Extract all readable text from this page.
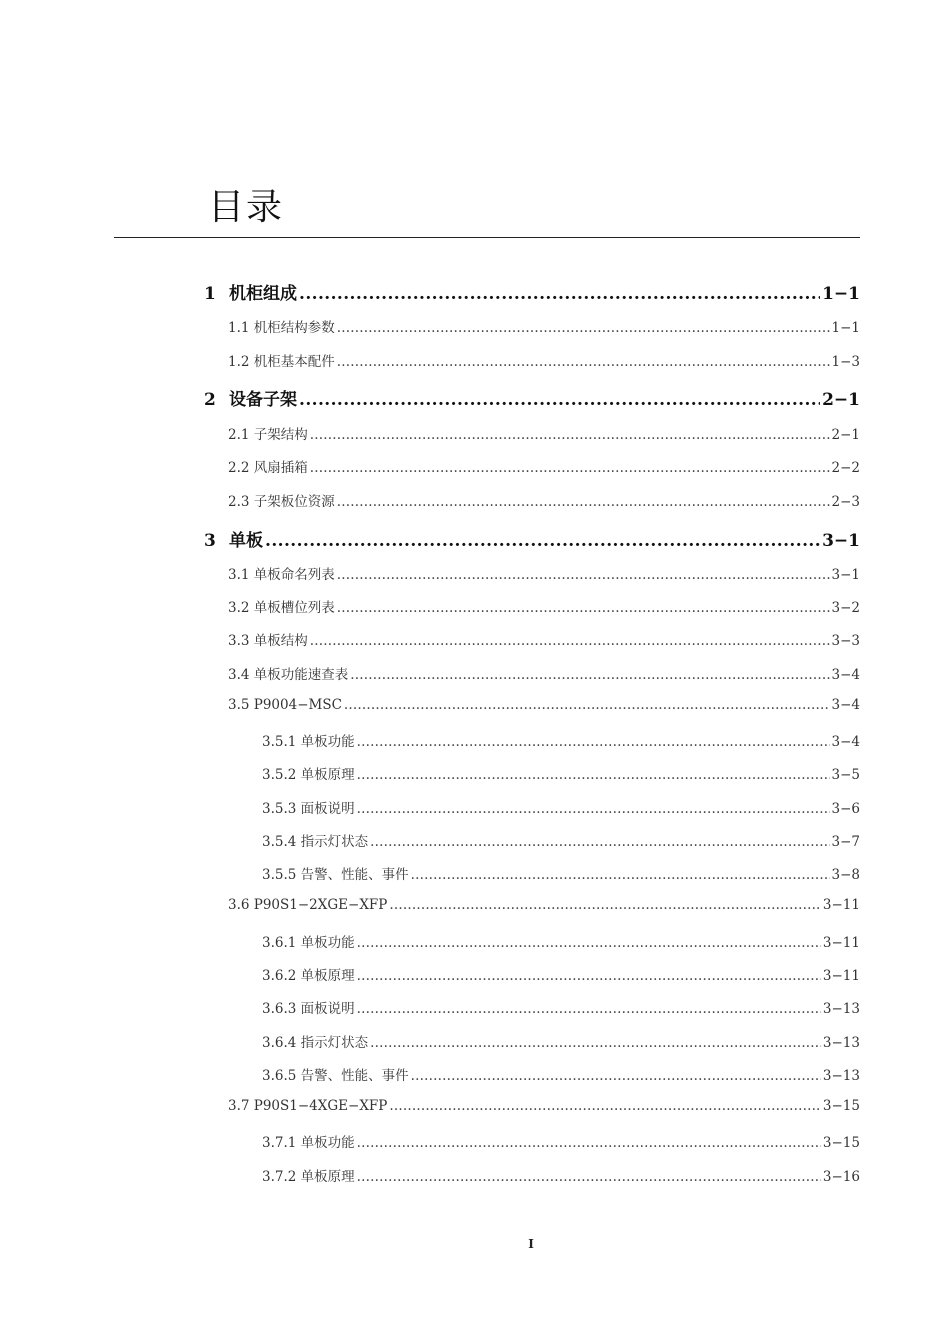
目录
1 机柜组成 .....	1−1
1.1 机柜结构参数 .....	1−1
1.2 机柜基本配件 .....	1−3
2 设备子架 .....	2−1
2.1 子架结构 .....	2−1
2.2 风扇插箱 .....	2−2
2.3 子架板位资源 .....	2−3
3 单板 .....	3−1
3.1 单板命名列表 .....	3−1
3.2 单板槽位列表 .....	3−2
3.3 单板结构 .....	3−3
3.4 单板功能速查表 .....	3−4
3.5 P9004−MSC .....	3−4
3.5.1 单板功能 .....	3−4
3.5.2 单板原理 .....	3−5
3.5.3 面板说明 .....	3−6
3.5.4 指示灯状态 .....	3−7
3.5.5 告警、性能、事件 .....	3−8
3.6 P90S1−2XGE−XFP .....	3−11
3.6.1 单板功能 .....	3−11
3.6.2 单板原理 .....	3−11
3.6.3 面板说明 .....	3−13
3.6.4 指示灯状态 .....	3−13
3.6.5 告警、性能、事件 .....	3−13
3.7 P90S1−4XGE−XFP .....	3−15
3.7.1 单板功能 .....	3−15
3.7.2 单板原理 .....	3−16
I
